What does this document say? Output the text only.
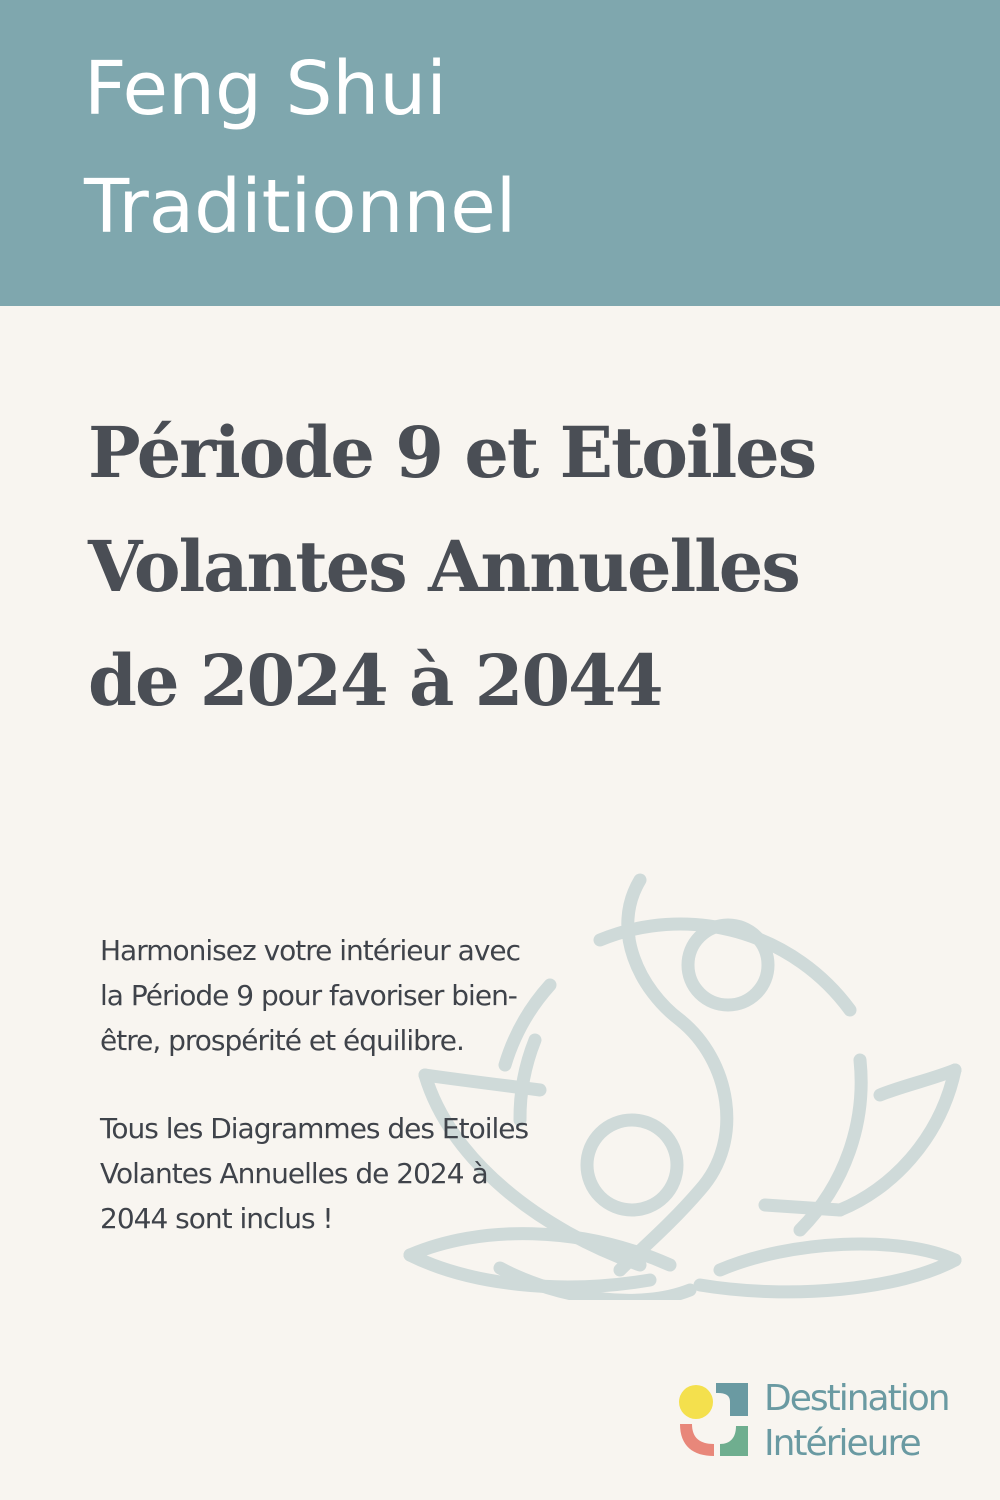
Feng Shui
Traditionnel
Période 9 et Etoiles
Volantes Annuelles
de 2024 à 2044

Harmonisez votre intérieur avec

la Période 9 pour favoriser bien-

être, prospérité et équilibre.

Tous les Diagrammes des Etoiles

Volantes Annuelles de 2024 à

2044 sont inclus !

Destination

Intérieure
